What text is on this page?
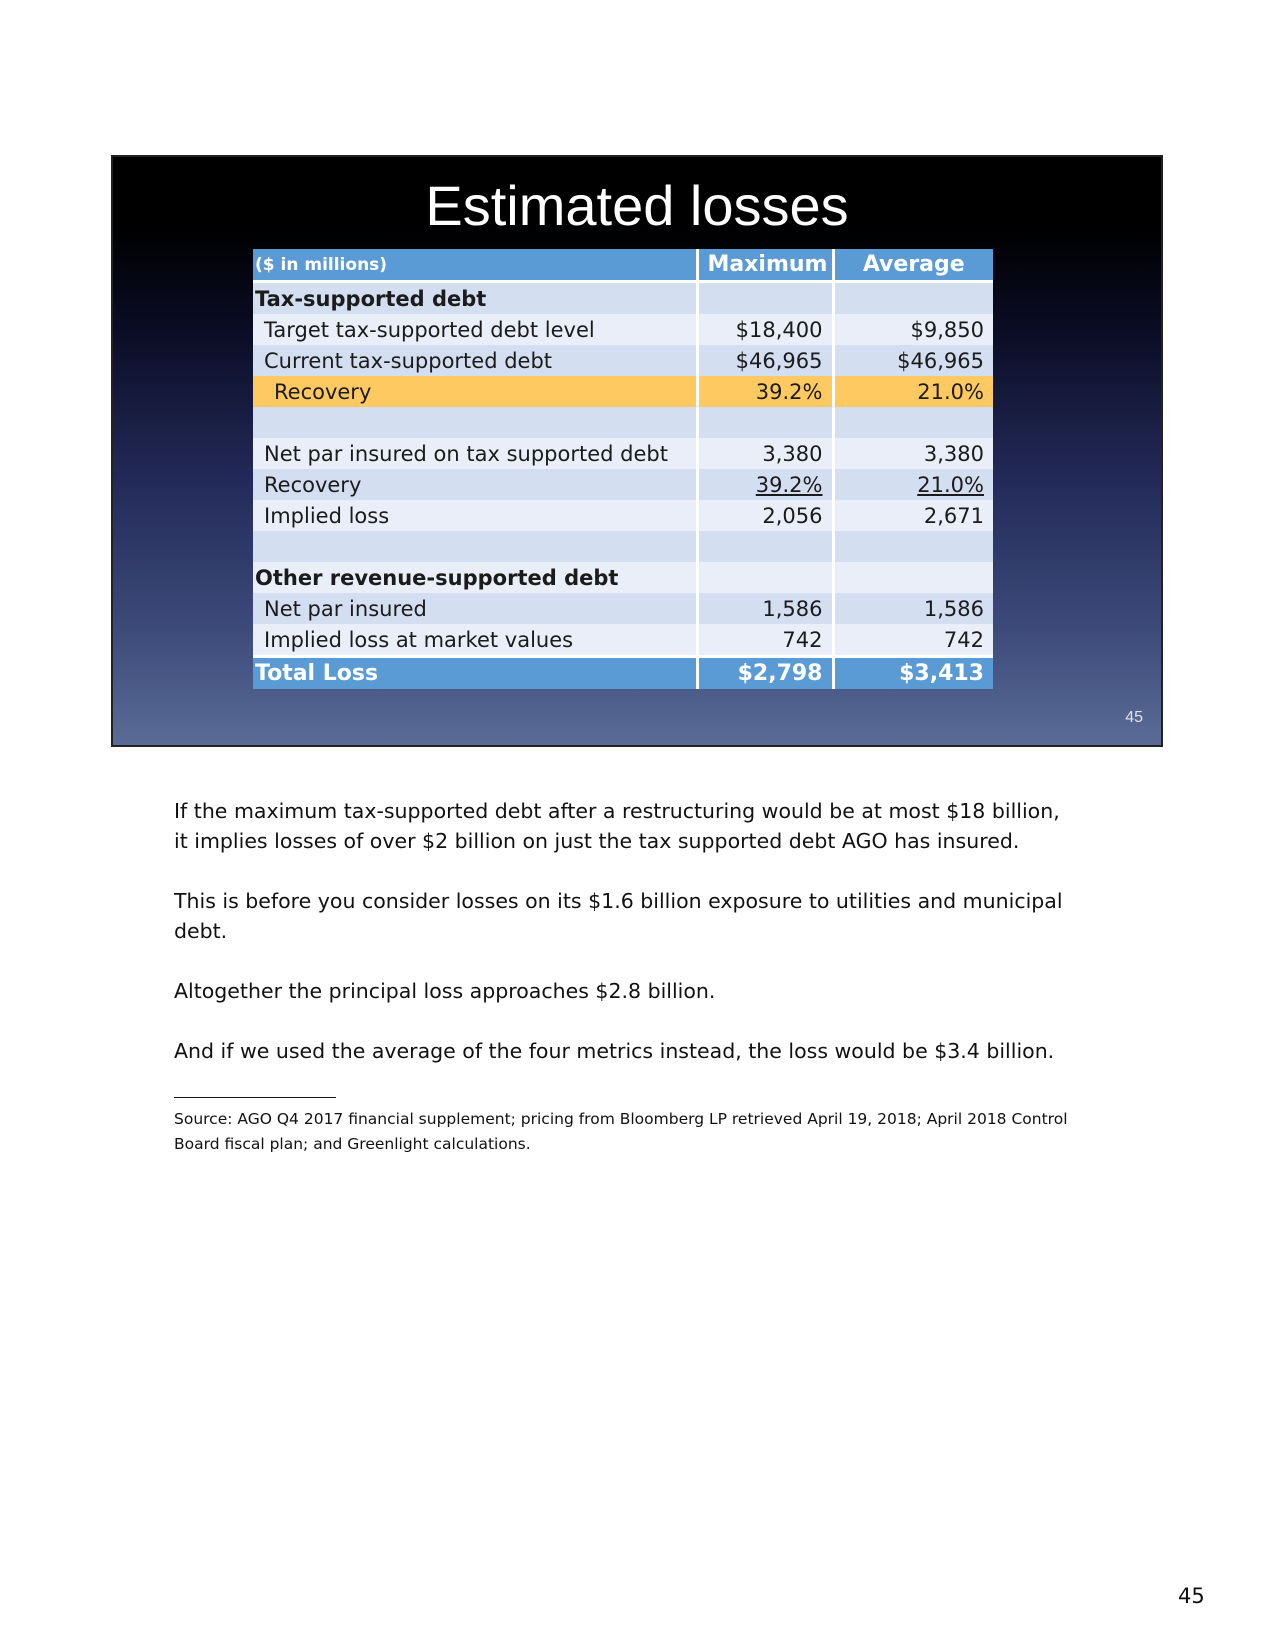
Estimated losses
($ in millions)	Maximum	Average
Tax-supported debt		
Target tax-supported debt level	$18,400	$9,850
Current tax-supported debt	$46,965	$46,965
Recovery	39.2%	21.0%

Net par insured on tax supported debt	3,380	3,380
Recovery	39.2%	21.0%
Implied loss	2,056	2,671

Other revenue-supported debt		
Net par insured	1,586	1,586
Implied loss at market values	742	742
Total Loss	$2,798	$3,413
45

If the maximum tax-supported debt after a restructuring would be at most $18 billion, it implies losses of over $2 billion on just the tax supported debt AGO has insured.

This is before you consider losses on its $1.6 billion exposure to utilities and municipal debt.

Altogether the principal loss approaches $2.8 billion.

And if we used the average of the four metrics instead, the loss would be $3.4 billion.

Source: AGO Q4 2017 financial supplement; pricing from Bloomberg LP retrieved April 19, 2018; April 2018 Control Board fiscal plan; and Greenlight calculations.
45
